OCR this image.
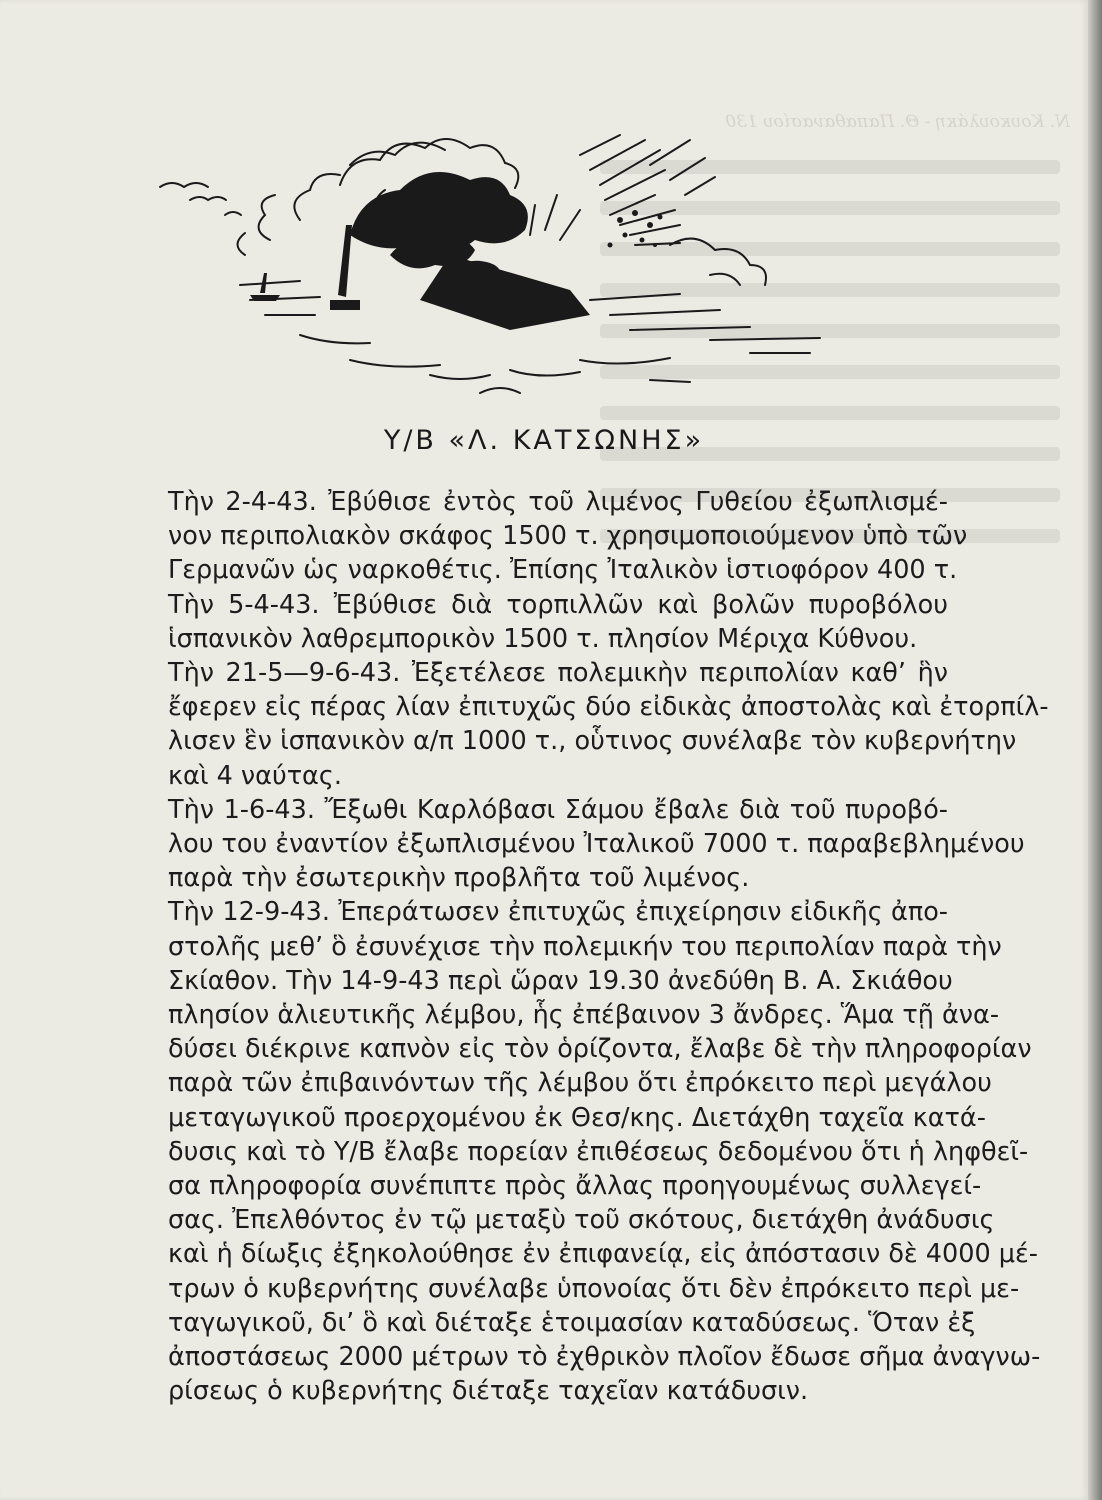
Ν. Κουκουλάκη - Θ. Παπαθανασίου 130
Υ/Β «Λ. ΚΑΤΣΩΝΗΣ»

Τὴν 2-4-43. Ἐβύθισε ἐντὸς τοῦ λιμένος Γυθείου ἐξωπλισμέ-
νον περιπολιακὸν σκάφος 1500 τ. χρησιμοποιούμενον ὑπὸ τῶν
Γερμανῶν ὡς ναρκοθέτις. Ἐπίσης Ἰταλικὸν ἱστιοφόρον 400 τ.

Τὴν 5-4-43. Ἐβύθισε διὰ τορπιλλῶν καὶ βολῶν πυροβόλου
ἱσπανικὸν λαθρεμπορικὸν 1500 τ. πλησίον Μέριχα Κύθνου.

Τὴν 21-5—9-6-43. Ἐξετέλεσε πολεμικὴν περιπολίαν καθ’ ἣν
ἔφερεν εἰς πέρας λίαν ἐπιτυχῶς δύο εἰδικὰς ἀποστολὰς καὶ ἐτορπίλ-
λισεν ἓν ἱσπανικὸν α/π 1000 τ., οὗτινος συνέλαβε τὸν κυβερνήτην
καὶ 4 ναύτας.

Τὴν 1-6-43. Ἔξωθι Καρλόβασι Σάμου ἔβαλε διὰ τοῦ πυροβό-
λου του ἐναντίον ἐξωπλισμένου Ἰταλικοῦ 7000 τ. παραβεβλημένου
παρὰ τὴν ἐσωτερικὴν προβλῆτα τοῦ λιμένος.

Τὴν 12-9-43. Ἐπεράτωσεν ἐπιτυχῶς ἐπιχείρησιν εἰδικῆς ἀπο-
στολῆς μεθ’ ὃ ἐσυνέχισε τὴν πολεμικήν του περιπολίαν παρὰ τὴν
Σκίαθον. Τὴν 14-9-43 περὶ ὥραν 19.30 ἀνεδύθη Β. Α. Σκιάθου
πλησίον ἁλιευτικῆς λέμβου, ἧς ἐπέβαινον 3 ἄνδρες. Ἅμα τῇ ἀνα-
δύσει διέκρινε καπνὸν εἰς τὸν ὁρίζοντα, ἔλαβε δὲ τὴν πληροφορίαν
παρὰ τῶν ἐπιβαινόντων τῆς λέμβου ὅτι ἐπρόκειτο περὶ μεγάλου
μεταγωγικοῦ προερχομένου ἐκ Θεσ/κης. Διετάχθη ταχεῖα κατά-
δυσις καὶ τὸ Υ/Β ἔλαβε πορείαν ἐπιθέσεως δεδομένου ὅτι ἡ ληφθεῖ-
σα πληροφορία συνέπιπτε πρὸς ἄλλας προηγουμένως συλλεγεί-
σας. Ἐπελθόντος ἐν τῷ μεταξὺ τοῦ σκότους, διετάχθη ἀνάδυσις
καὶ ἡ δίωξις ἐξηκολούθησε ἐν ἐπιφανείᾳ, εἰς ἀπόστασιν δὲ 4000 μέ-
τρων ὁ κυβερνήτης συνέλαβε ὑπονοίας ὅτι δὲν ἐπρόκειτο περὶ με-
ταγωγικοῦ, δι’ ὃ καὶ διέταξε ἑτοιμασίαν καταδύσεως. Ὅταν ἐξ
ἀποστάσεως 2000 μέτρων τὸ ἐχθρικὸν πλοῖον ἔδωσε σῆμα ἀναγνω-
ρίσεως ὁ κυβερνήτης διέταξε ταχεῖαν κατάδυσιν.
